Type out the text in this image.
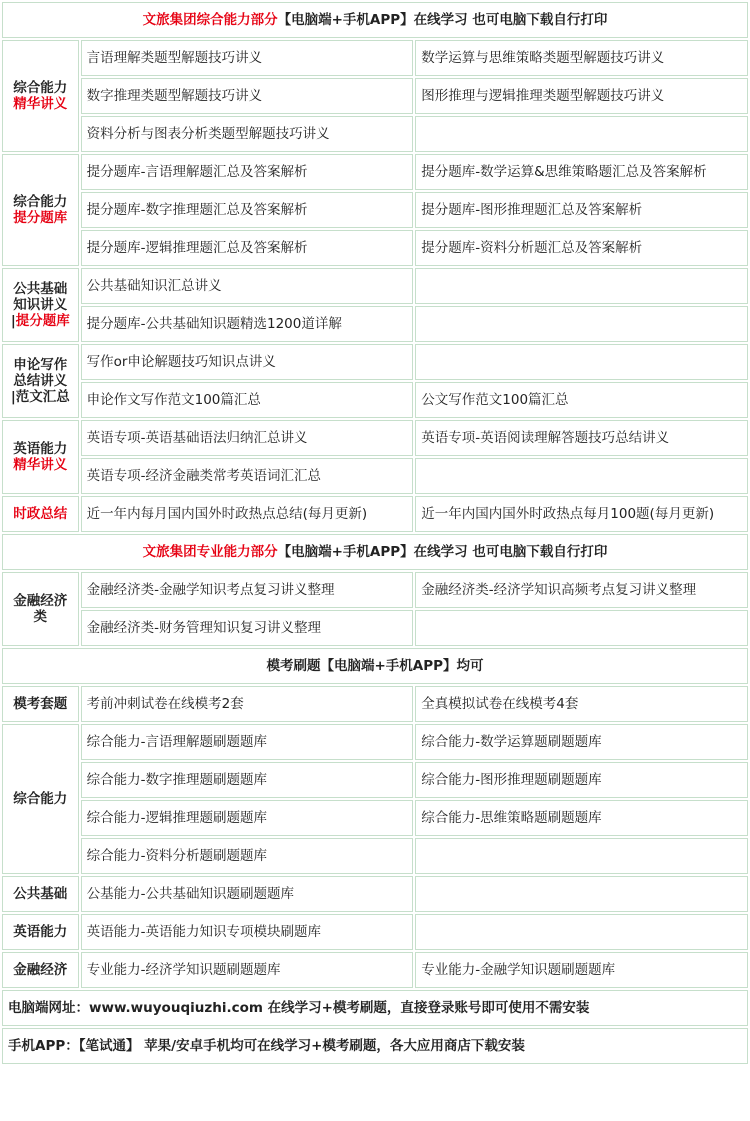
文旅集团综合能力部分【电脑端+手机APP】在线学习 也可电脑下载自行打印		
综合能力
精华讲义	言语理解类题型解题技巧讲义	数学运算与思维策略类题型解题技巧讲义
	数字推理类题型解题技巧讲义	图形推理与逻辑推理类题型解题技巧讲义
	资料分析与图表分析类题型解题技巧讲义	
综合能力
提分题库	提分题库-言语理解题汇总及答案解析	提分题库-数学运算&思维策略题汇总及答案解析
	提分题库-数字推理题汇总及答案解析	提分题库-图形推理题汇总及答案解析
	提分题库-逻辑推理题汇总及答案解析	提分题库-资料分析题汇总及答案解析
公共基础
知识讲义
|提分题库	公共基础知识汇总讲义	
	提分题库-公共基础知识题精选1200道详解	
申论写作
总结讲义
|范文汇总	写作or申论解题技巧知识点讲义	
	申论作文写作范文100篇汇总	公文写作范文100篇汇总
英语能力
精华讲义	英语专项-英语基础语法归纳汇总讲义	英语专项-英语阅读理解答题技巧总结讲义
	英语专项-经济金融类常考英语词汇汇总	
时政总结	近一年内每月国内国外时政热点总结(每月更新)	近一年内国内国外时政热点每月100题(每月更新)
文旅集团专业能力部分【电脑端+手机APP】在线学习 也可电脑下载自行打印		
金融经济
类	金融经济类-金融学知识考点复习讲义整理	金融经济类-经济学知识高频考点复习讲义整理
	金融经济类-财务管理知识复习讲义整理	
模考刷题【电脑端+手机APP】均可		
模考套题	考前冲刺试卷在线模考2套	全真模拟试卷在线模考4套
综合能力	综合能力-言语理解题刷题题库	综合能力-数学运算题刷题题库
	综合能力-数字推理题刷题题库	综合能力-图形推理题刷题题库
	综合能力-逻辑推理题刷题题库	综合能力-思维策略题刷题题库
	综合能力-资料分析题刷题题库	
公共基础	公基能力-公共基础知识题刷题题库	
英语能力	英语能力-英语能力知识专项模块刷题库	
金融经济	专业能力-经济学知识题刷题题库	专业能力-金融学知识题刷题题库
电脑端网址：www.wuyouqiuzhi.com 在线学习+模考刷题，直接登录账号即可使用不需安装		
手机APP：【笔试通】 苹果/安卓手机均可在线学习+模考刷题，各大应用商店下载安装		
